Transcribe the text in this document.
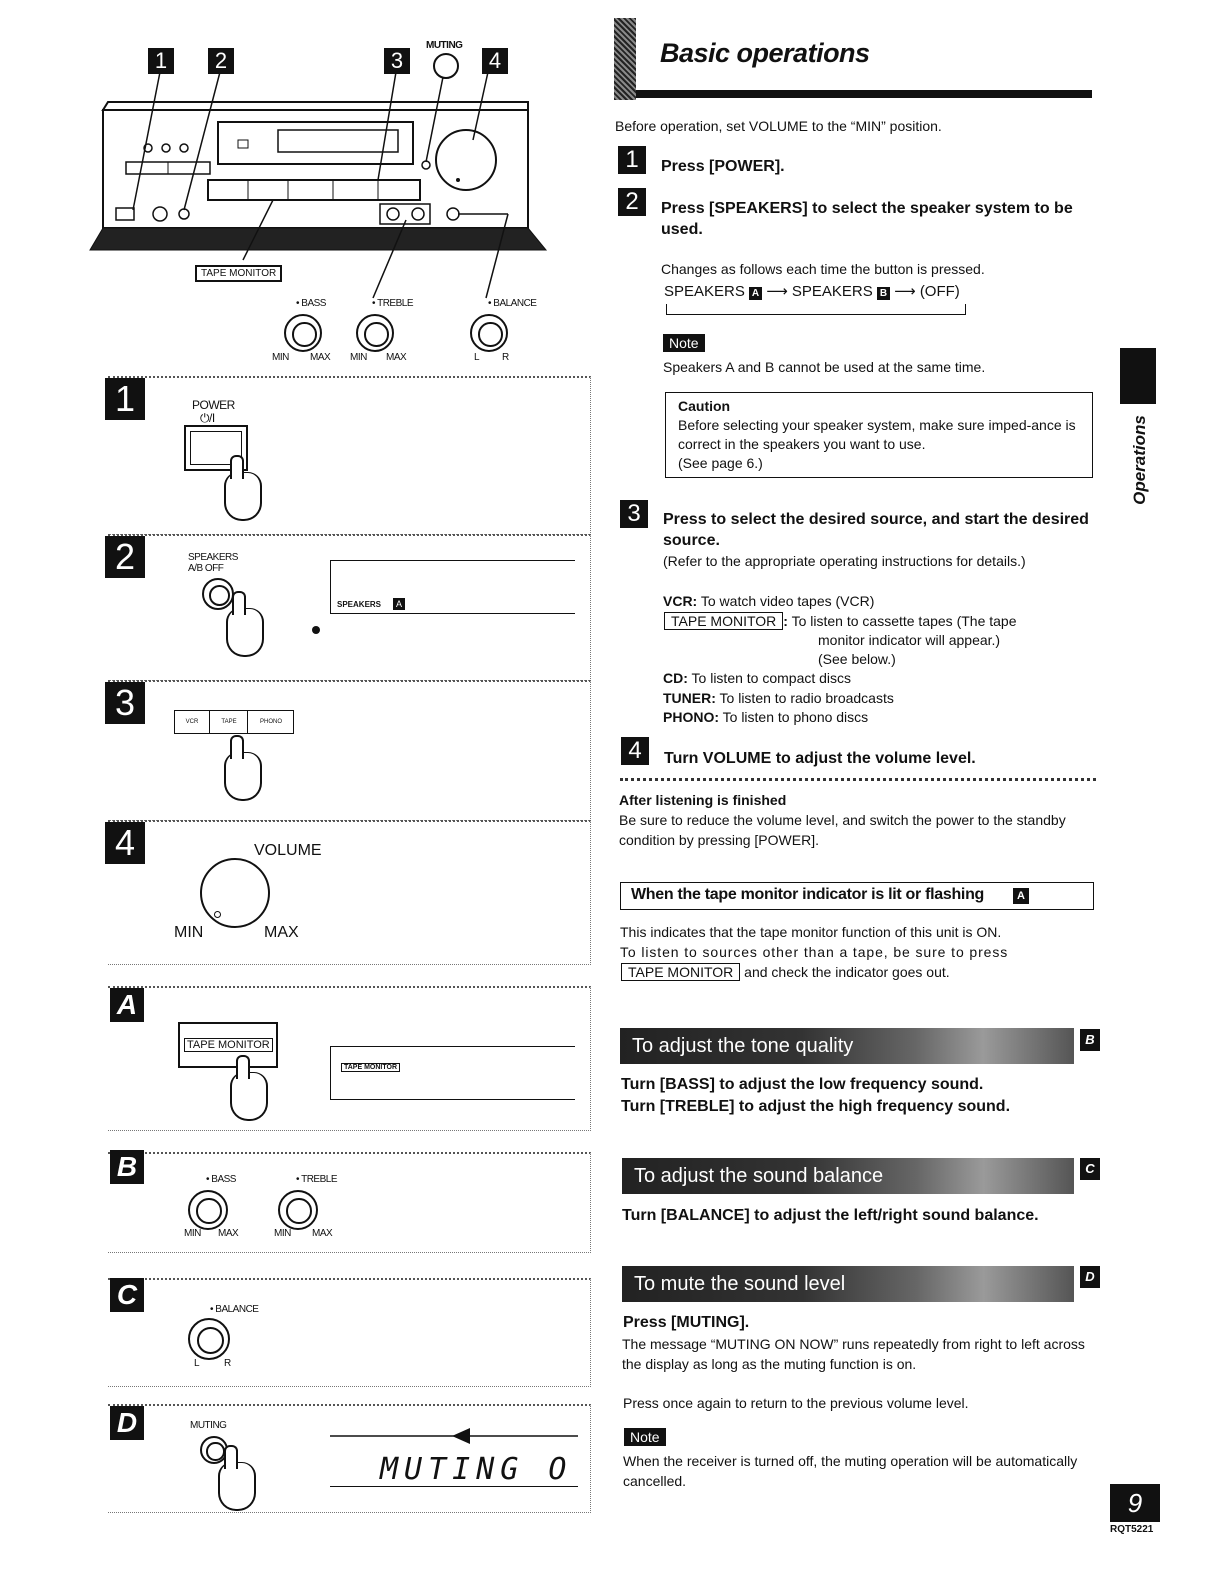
1	2	3	4
MUTING
TAPE MONITOR
• BASS	• TREBLE	• BALANCE
MIN MAX MIN MAX	L R
1	POWER
⏻/I
2	SPEAKERS
A/B OFF
SPEAKERS	A
3	VCR	TAPE	PHONO
4	VOLUME
MIN	MAX
A
TAPE MONITOR
TAPE MONITOR
B	• BASS	• TREBLE
MIN MAX	MIN MAX
C	• BALANCE
L R
D	MUTING
MUTING O
Basic operations
Before operation, set VOLUME to the “MIN” position.
1	Press [POWER].
2	Press [SPEAKERS] to select the speaker system to be used.
Changes as follows each time the button is pressed.
SPEAKERS A ⟶ SPEAKERS B ⟶ (OFF)
Note
Speakers A and B cannot be used at the same time.
Caution
Before selecting your speaker system, make sure imped-ance is correct in the speakers you want to use.
(See page 6.)
3	Press to select the desired source, and start the desired source.
(Refer to the appropriate operating instructions for details.)
VCR: To watch video tapes (VCR)
TAPE MONITOR : To listen to cassette tapes (The tape
monitor indicator will appear.)
(See below.)
CD: To listen to compact discs
TUNER: To listen to radio broadcasts
PHONO: To listen to phono discs
4	Turn VOLUME to adjust the volume level.
After listening is finished
Be sure to reduce the volume level, and switch the power to the standby condition by pressing [POWER].
When the tape monitor indicator is lit or flashing	A
This indicates that the tape monitor function of this unit is ON.
To listen to sources other than a tape, be sure to press
TAPE MONITOR and check the indicator goes out.
To adjust the tone quality	B
Turn [BASS] to adjust the low frequency sound.
Turn [TREBLE] to adjust the high frequency sound.
To adjust the sound balance	C
Turn [BALANCE] to adjust the left/right sound balance.
To mute the sound level	D
Press [MUTING].
The message “MUTING ON NOW” runs repeatedly from right to left across the display as long as the muting function is on.
Press once again to return to the previous volume level.
Note
When the receiver is turned off, the muting operation will be automatically cancelled.
Operations
9
RQT5221
